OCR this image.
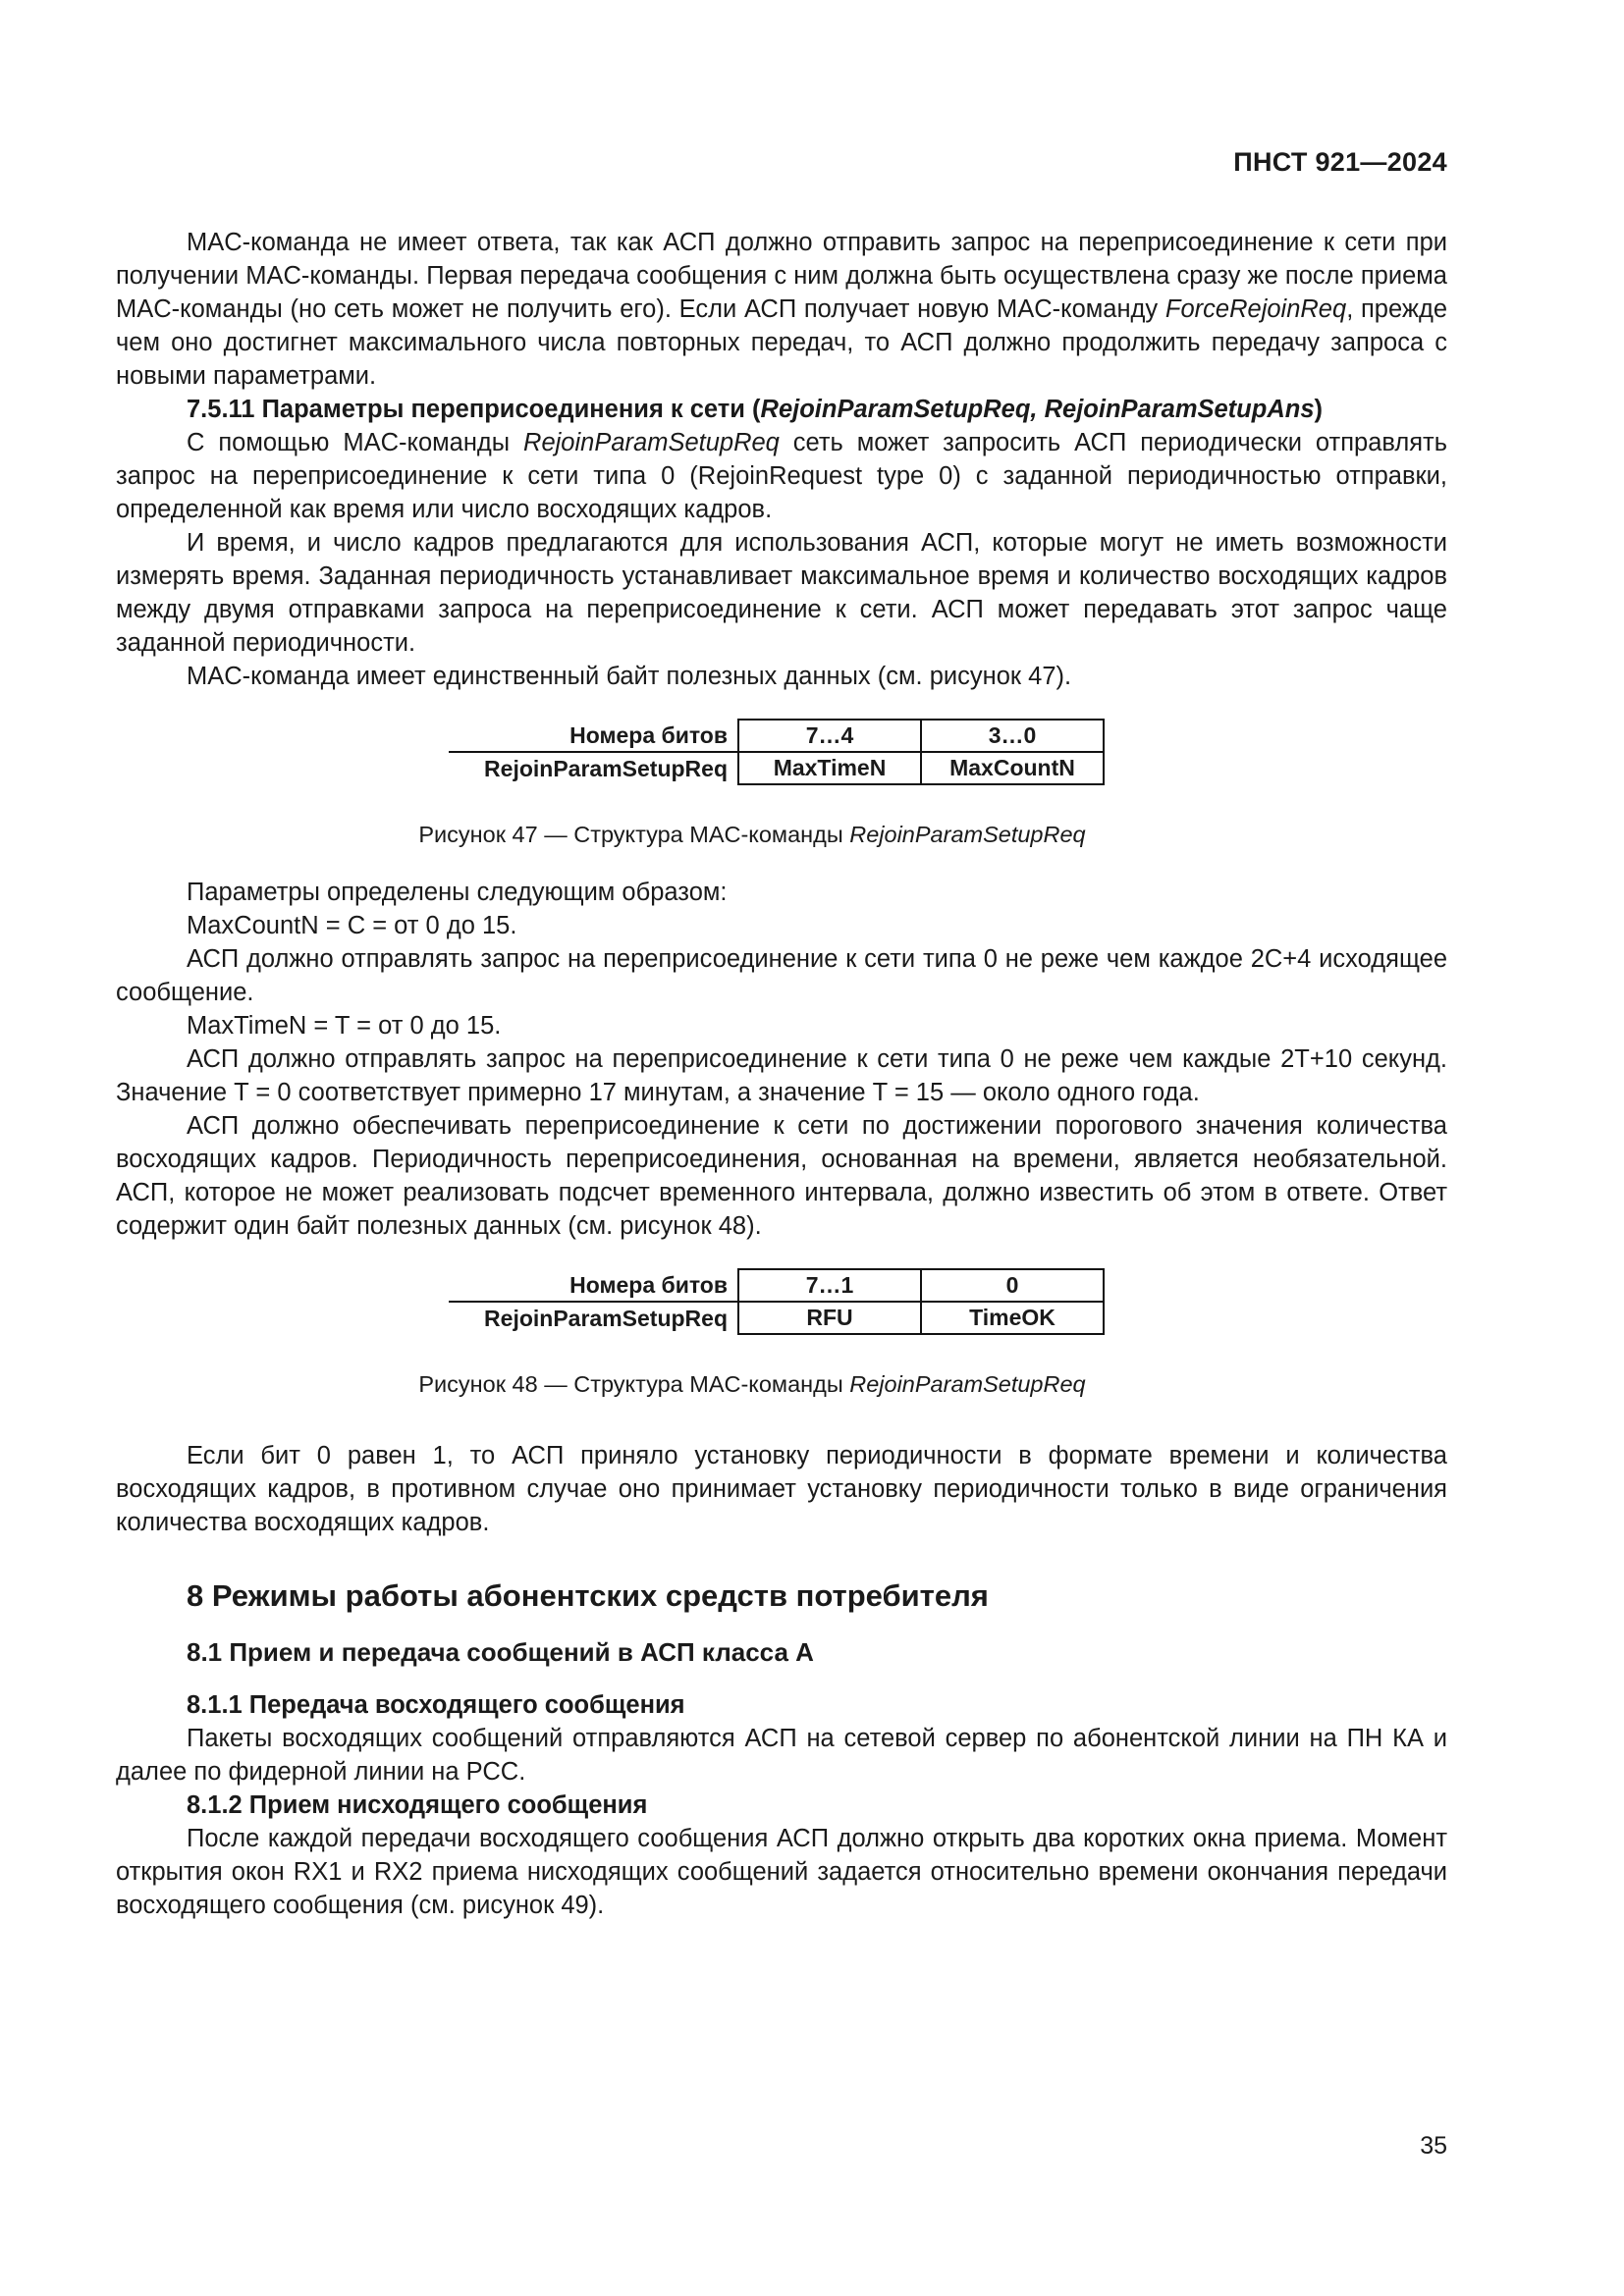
ПНСТ 921—2024

MAC-команда не имеет ответа, так как АСП должно отправить запрос на переприсоединение к сети при получении MAC-команды. Первая передача сообщения с ним должна быть осуществлена сразу же после приема MAC-команды (но сеть может не получить его). Если АСП получает новую MAC-команду ForceRejoinReq, прежде чем оно достигнет максимального числа повторных передач, то АСП должно продолжить передачу запроса с новыми параметрами.

7.5.11 Параметры переприсоединения к сети (RejoinParamSetupReq, RejoinParamSetupAns)

С помощью MAC-команды RejoinParamSetupReq сеть может запросить АСП периодически отправлять запрос на переприсоединение к сети типа 0 (RejoinRequest type 0) с заданной периодичностью отправки, определенной как время или число восходящих кадров.

И время, и число кадров предлагаются для использования АСП, которые могут не иметь возможности измерять время. Заданная периодичность устанавливает максимальное время и количество восходящих кадров между двумя отправками запроса на переприсоединение к сети. АСП может передавать этот запрос чаще заданной периодичности.

MAC-команда имеет единственный байт полезных данных (см. рисунок 47).

Номера битов	7…4	3…0
RejoinParamSetupReq	MaxTimeN	MaxCountN
Рисунок 47 — Структура MAC-команды RejoinParamSetupReq

Параметры определены следующим образом:

MaxCountN = C = от 0 до 15.

АСП должно отправлять запрос на переприсоединение к сети типа 0 не реже чем каждое 2C+4 исходящее сообщение.

MaxTimeN = T = от 0 до 15.

АСП должно отправлять запрос на переприсоединение к сети типа 0 не реже чем каждые 2T+10 секунд. Значение T = 0 соответствует примерно 17 минутам, а значение T = 15 — около одного года.

АСП должно обеспечивать переприсоединение к сети по достижении порогового значения количества восходящих кадров. Периодичность переприсоединения, основанная на времени, является необязательной. АСП, которое не может реализовать подсчет временного интервала, должно известить об этом в ответе. Ответ содержит один байт полезных данных (см. рисунок 48).

Номера битов	7…1	0
RejoinParamSetupReq	RFU	TimeOK
Рисунок 48 — Структура MAC-команды RejoinParamSetupReq

Если бит 0 равен 1, то АСП приняло установку периодичности в формате времени и количества восходящих кадров, в противном случае оно принимает установку периодичности только в виде ограничения количества восходящих кадров.

8 Режимы работы абонентских средств потребителя
8.1 Прием и передача сообщений в АСП класса А
8.1.1 Передача восходящего сообщения

Пакеты восходящих сообщений отправляются АСП на сетевой сервер по абонентской линии на ПН КА и далее по фидерной линии на РСС.

8.1.2 Прием нисходящего сообщения

После каждой передачи восходящего сообщения АСП должно открыть два коротких окна приема. Момент открытия окон RX1 и RX2 приема нисходящих сообщений задается относительно времени окончания передачи восходящего сообщения (см. рисунок 49).

35
